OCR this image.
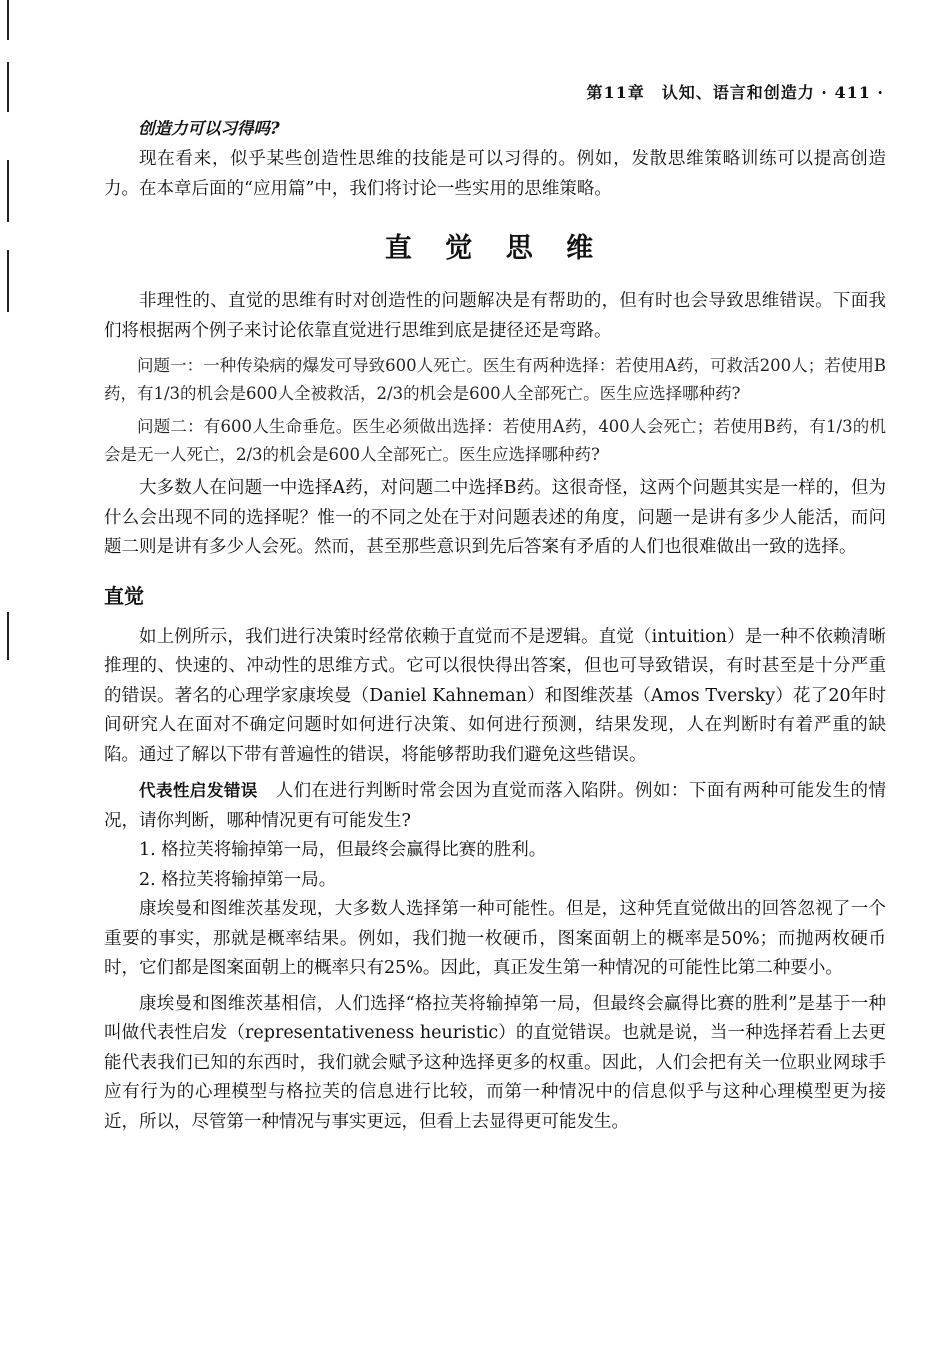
第11章　认知、语言和创造力 · 411 ·
创造力可以习得吗?

现在看来，似乎某些创造性思维的技能是可以习得的。例如，发散思维策略训练可以提高创造力。在本章后面的“应用篇”中，我们将讨论一些实用的思维策略。

直 觉 思 维

非理性的、直觉的思维有时对创造性的问题解决是有帮助的，但有时也会导致思维错误。下面我们将根据两个例子来讨论依靠直觉进行思维到底是捷径还是弯路。

问题一：一种传染病的爆发可导致600人死亡。医生有两种选择：若使用A药，可救活200人；若使用B药，有1/3的机会是600人全被救活，2/3的机会是600人全部死亡。医生应选择哪种药?

问题二：有600人生命垂危。医生必须做出选择：若使用A药，400人会死亡；若使用B药，有1/3的机会是无一人死亡，2/3的机会是600人全部死亡。医生应选择哪种药?

大多数人在问题一中选择A药，对问题二中选择B药。这很奇怪，这两个问题其实是一样的，但为什么会出现不同的选择呢？惟一的不同之处在于对问题表述的角度，问题一是讲有多少人能活，而问题二则是讲有多少人会死。然而，甚至那些意识到先后答案有矛盾的人们也很难做出一致的选择。

直觉

如上例所示，我们进行决策时经常依赖于直觉而不是逻辑。直觉（intuition）是一种不依赖清晰推理的、快速的、冲动性的思维方式。它可以很快得出答案，但也可导致错误，有时甚至是十分严重的错误。著名的心理学家康埃曼（Daniel Kahneman）和图维茨基（Amos Tversky）花了20年时间研究人在面对不确定问题时如何进行决策、如何进行预测，结果发现，人在判断时有着严重的缺陷。通过了解以下带有普遍性的错误，将能够帮助我们避免这些错误。

代表性启发错误　人们在进行判断时常会因为直觉而落入陷阱。例如：下面有两种可能发生的情况，请你判断，哪种情况更有可能发生?

1. 格拉芙将输掉第一局，但最终会赢得比赛的胜利。

2. 格拉芙将输掉第一局。

康埃曼和图维茨基发现，大多数人选择第一种可能性。但是，这种凭直觉做出的回答忽视了一个重要的事实，那就是概率结果。例如，我们抛一枚硬币，图案面朝上的概率是50%；而抛两枚硬币时，它们都是图案面朝上的概率只有25%。因此，真正发生第一种情况的可能性比第二种要小。

康埃曼和图维茨基相信，人们选择“格拉芙将输掉第一局，但最终会赢得比赛的胜利”是基于一种叫做代表性启发（representativeness heuristic）的直觉错误。也就是说，当一种选择若看上去更能代表我们已知的东西时，我们就会赋予这种选择更多的权重。因此，人们会把有关一位职业网球手应有行为的心理模型与格拉芙的信息进行比较，而第一种情况中的信息似乎与这种心理模型更为接近，所以，尽管第一种情况与事实更远，但看上去显得更可能发生。
